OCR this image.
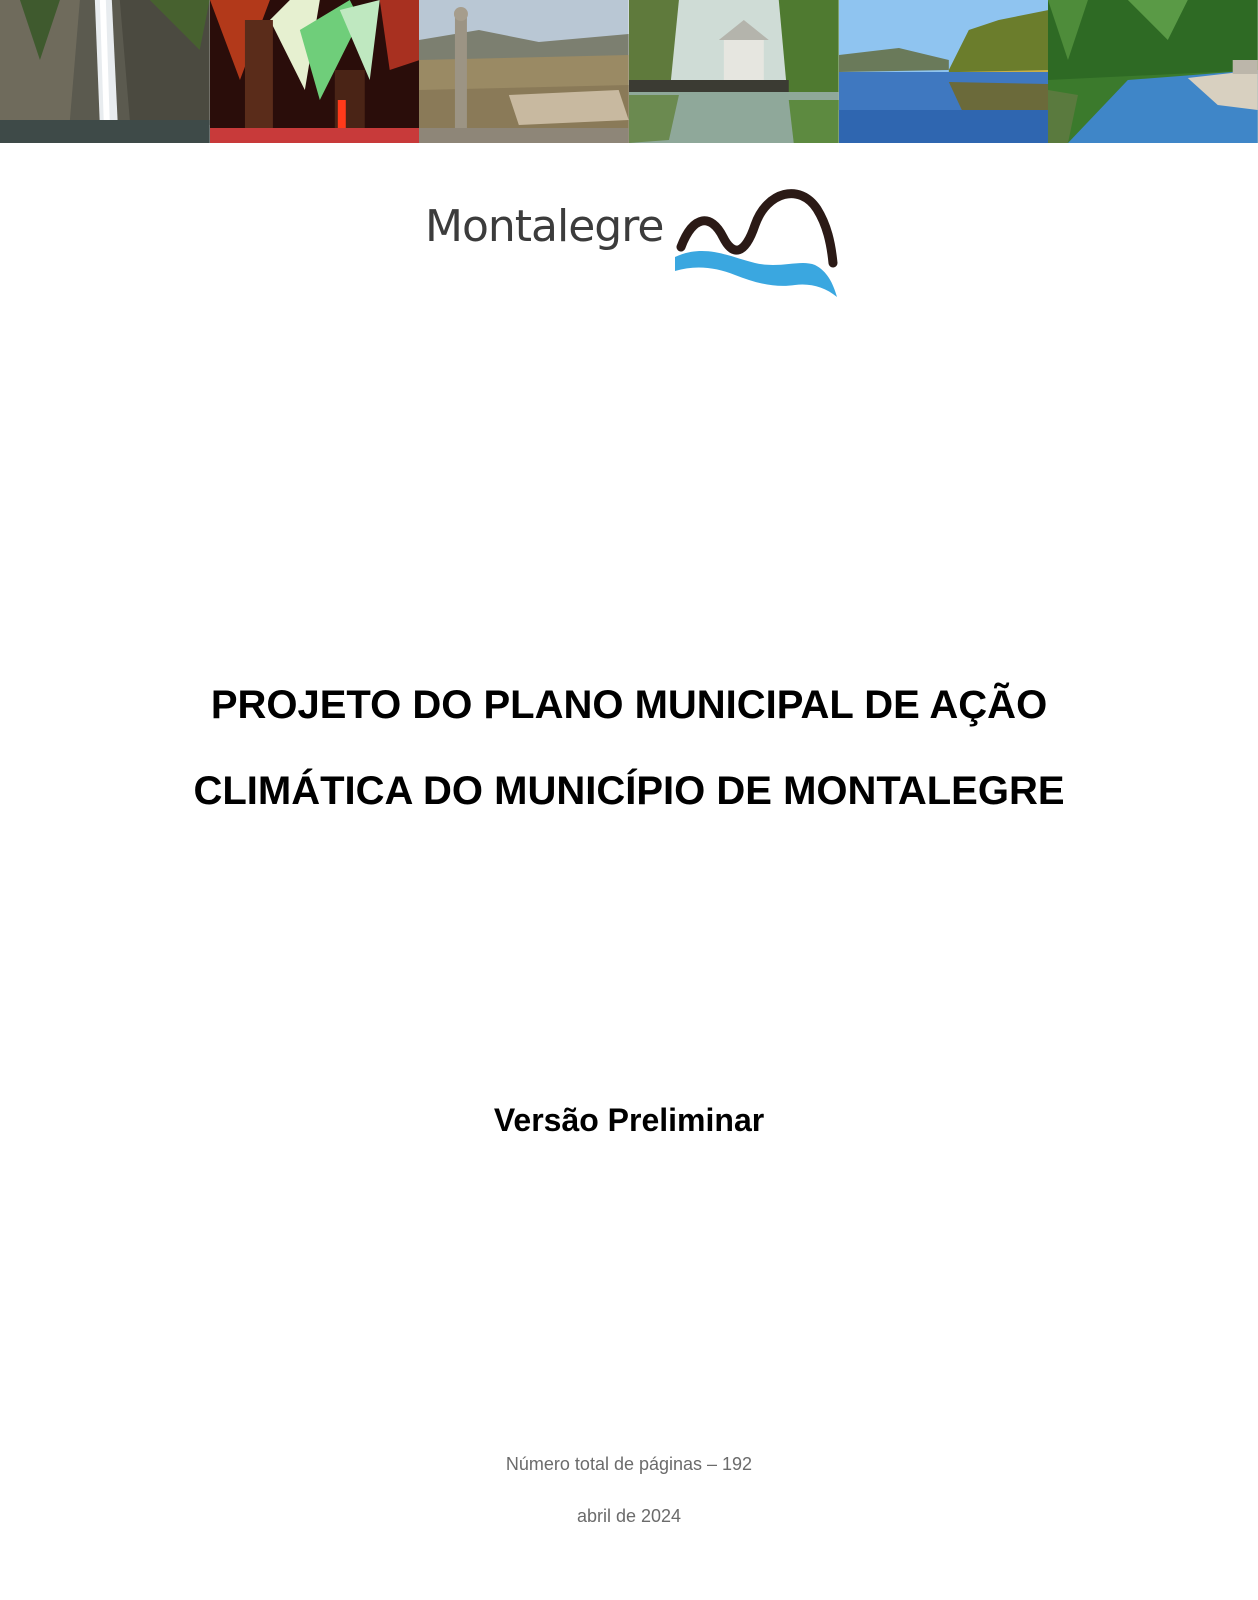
Montalegre
PROJETO DO PLANO MUNICIPAL DE AÇÃO
CLIMÁTICA DO MUNICÍPIO DE MONTALEGRE
Versão Preliminar
Número total de páginas – 192
abril de 2024
